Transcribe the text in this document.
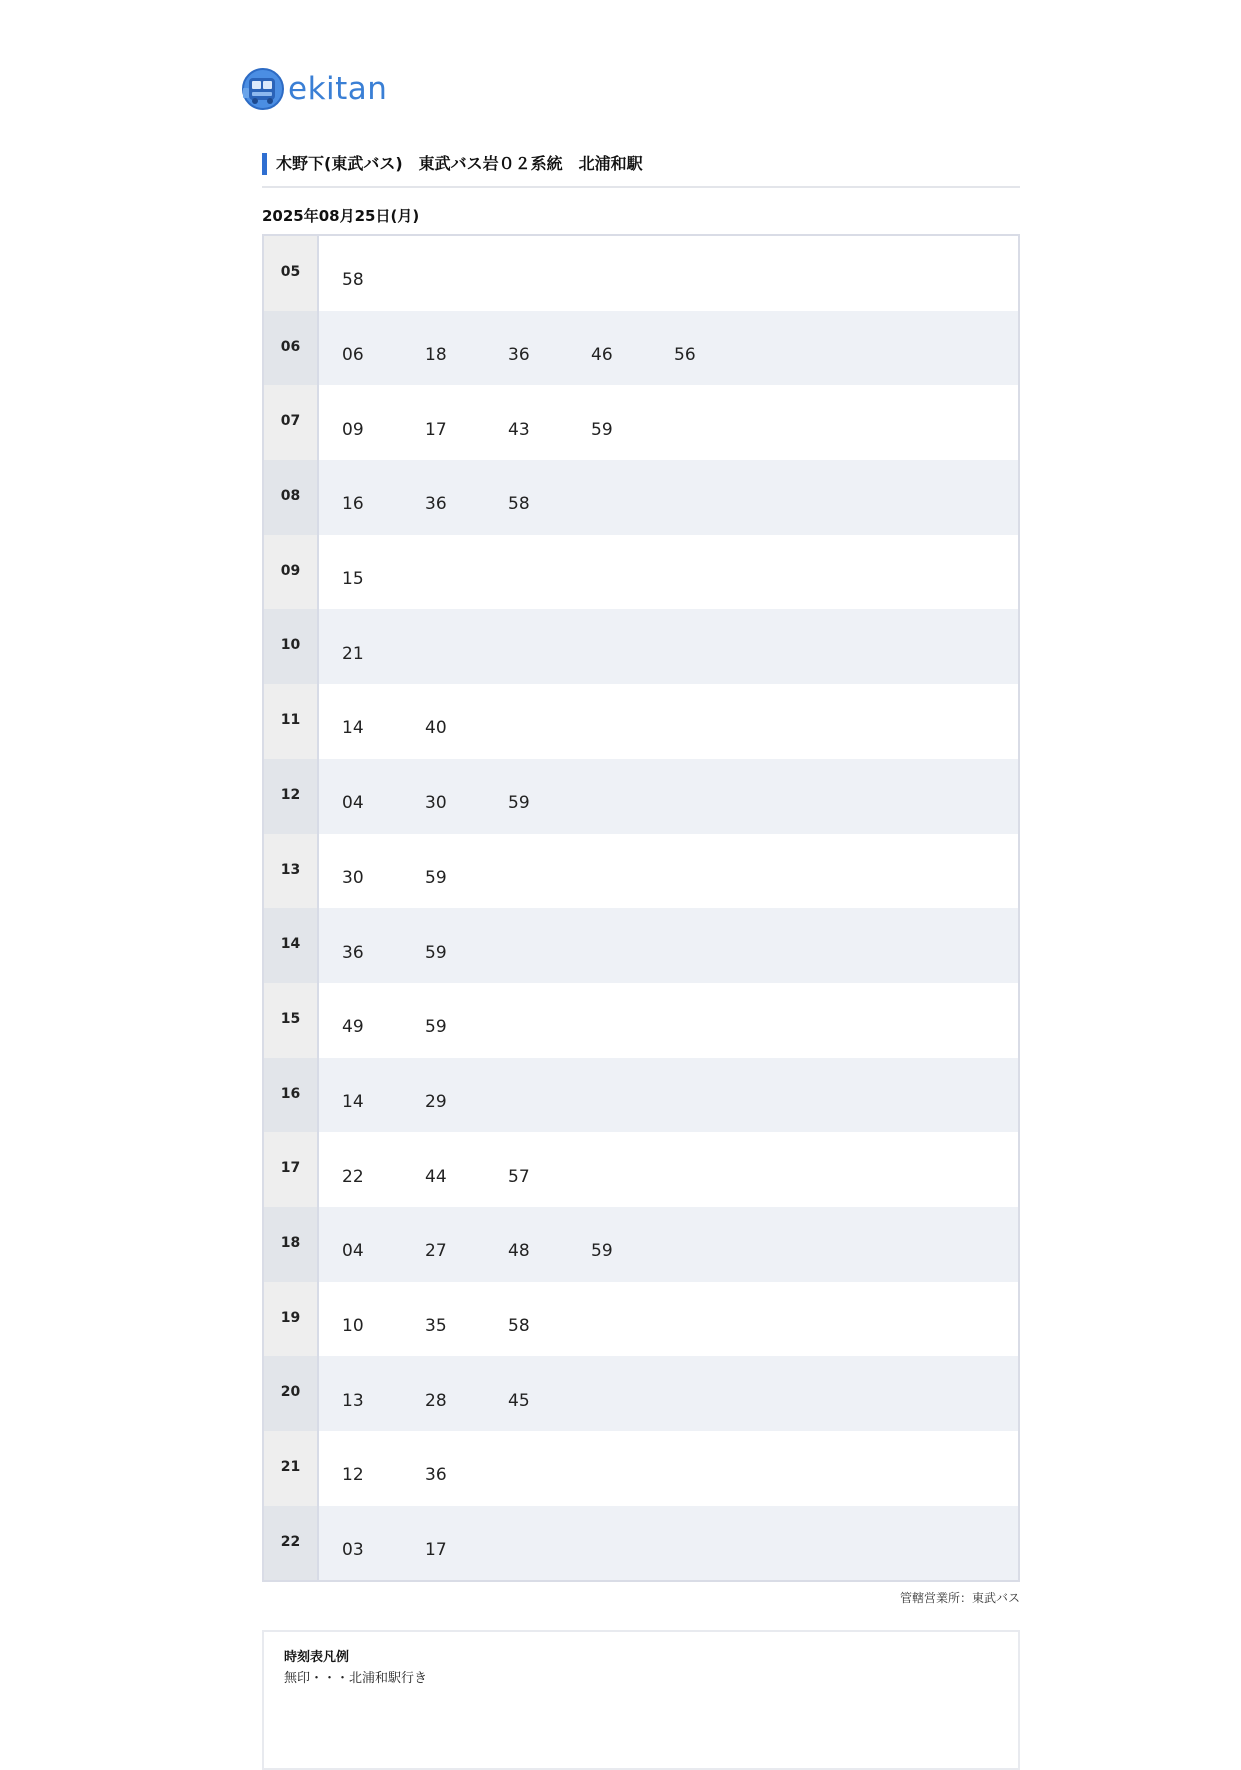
ekitan
木野下(東武バス)　東武バス岩０２系統　北浦和駅
2025年08月25日(月)
05	58
06	06	18	36	46	56
07	09	17	43	59
08	16	36	58
09	15
10	21
11	14	40
12	04	30	59
13	30	59
14	36	59
15	49	59
16	14	29
17	22	44	57
18	04	27	48	59
19	10	35	58
20	13	28	45
21	12	36
22	03	17
管轄営業所：東武バス
時刻表凡例
無印・・・北浦和駅行き
